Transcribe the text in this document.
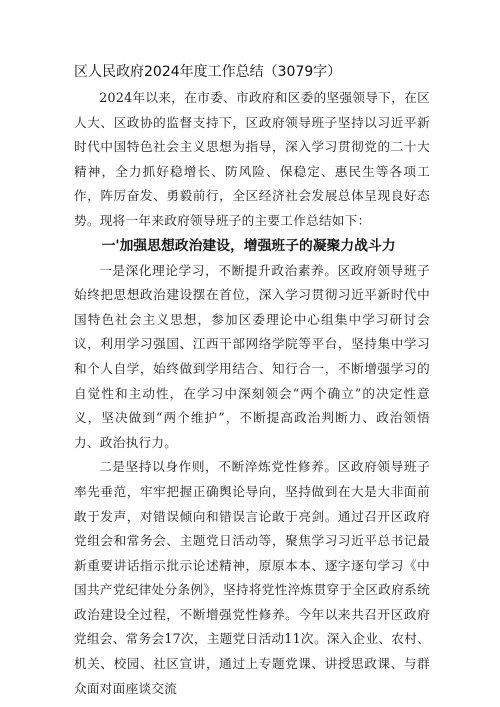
区人民政府2024年度工作总结（3079字）

2024年以来，在市委、市政府和区委的坚强领导下，在区人大、区政协的监督支持下，区政府领导班子坚持以习近平新时代中国特色社会主义思想为指导，深入学习贯彻党的二十大精神，全力抓好稳增长、防风险、保稳定、惠民生等各项工作，阵厉奋发、勇毅前行，全区经济社会发展总体呈现良好态势。现将一年来政府领导班子的主要工作总结如下：

一'加强思想政治建设，增强班子的凝聚力战斗力

一是深化理论学习，不断提升政治素养。区政府领导班子始终把思想政治建设摆在首位，深入学习贯彻习近平新时代中国特色社会主义思想，参加区委理论中心组集中学习研讨会议，利用学习强国、江西干部网络学院等平台，坚持集中学习和个人自学，始终做到学用结合、知行合一，不断增强学习的自觉性和主动性，在学习中深刻领会“两个确立”的决定性意义，坚决做到“两个维护”，不断提高政治判断力、政治领悟力、政治执行力。

二是坚持以身作则，不断淬炼党性修养。区政府领导班子率先垂范，牢牢把握正确舆论导向，坚持做到在大是大非面前敢于发声，对错误倾向和错误言论敢于亮剑。通过召开区政府党组会和常务会、主题党日活动等，聚焦学习习近平总书记最新重要讲话指示批示论述精神，原原本本、逐字逐句学习《中国共产党纪律处分条例》，坚持将党性淬炼贯穿于全区政府系统政治建设全过程，不断增强党性修养。今年以来共召开区政府党组会、常务会17次，主题党日活动11次。深入企业、农村、机关、校园、社区宣讲，通过上专题党课、讲授思政课、与群众面对面座谈交流
